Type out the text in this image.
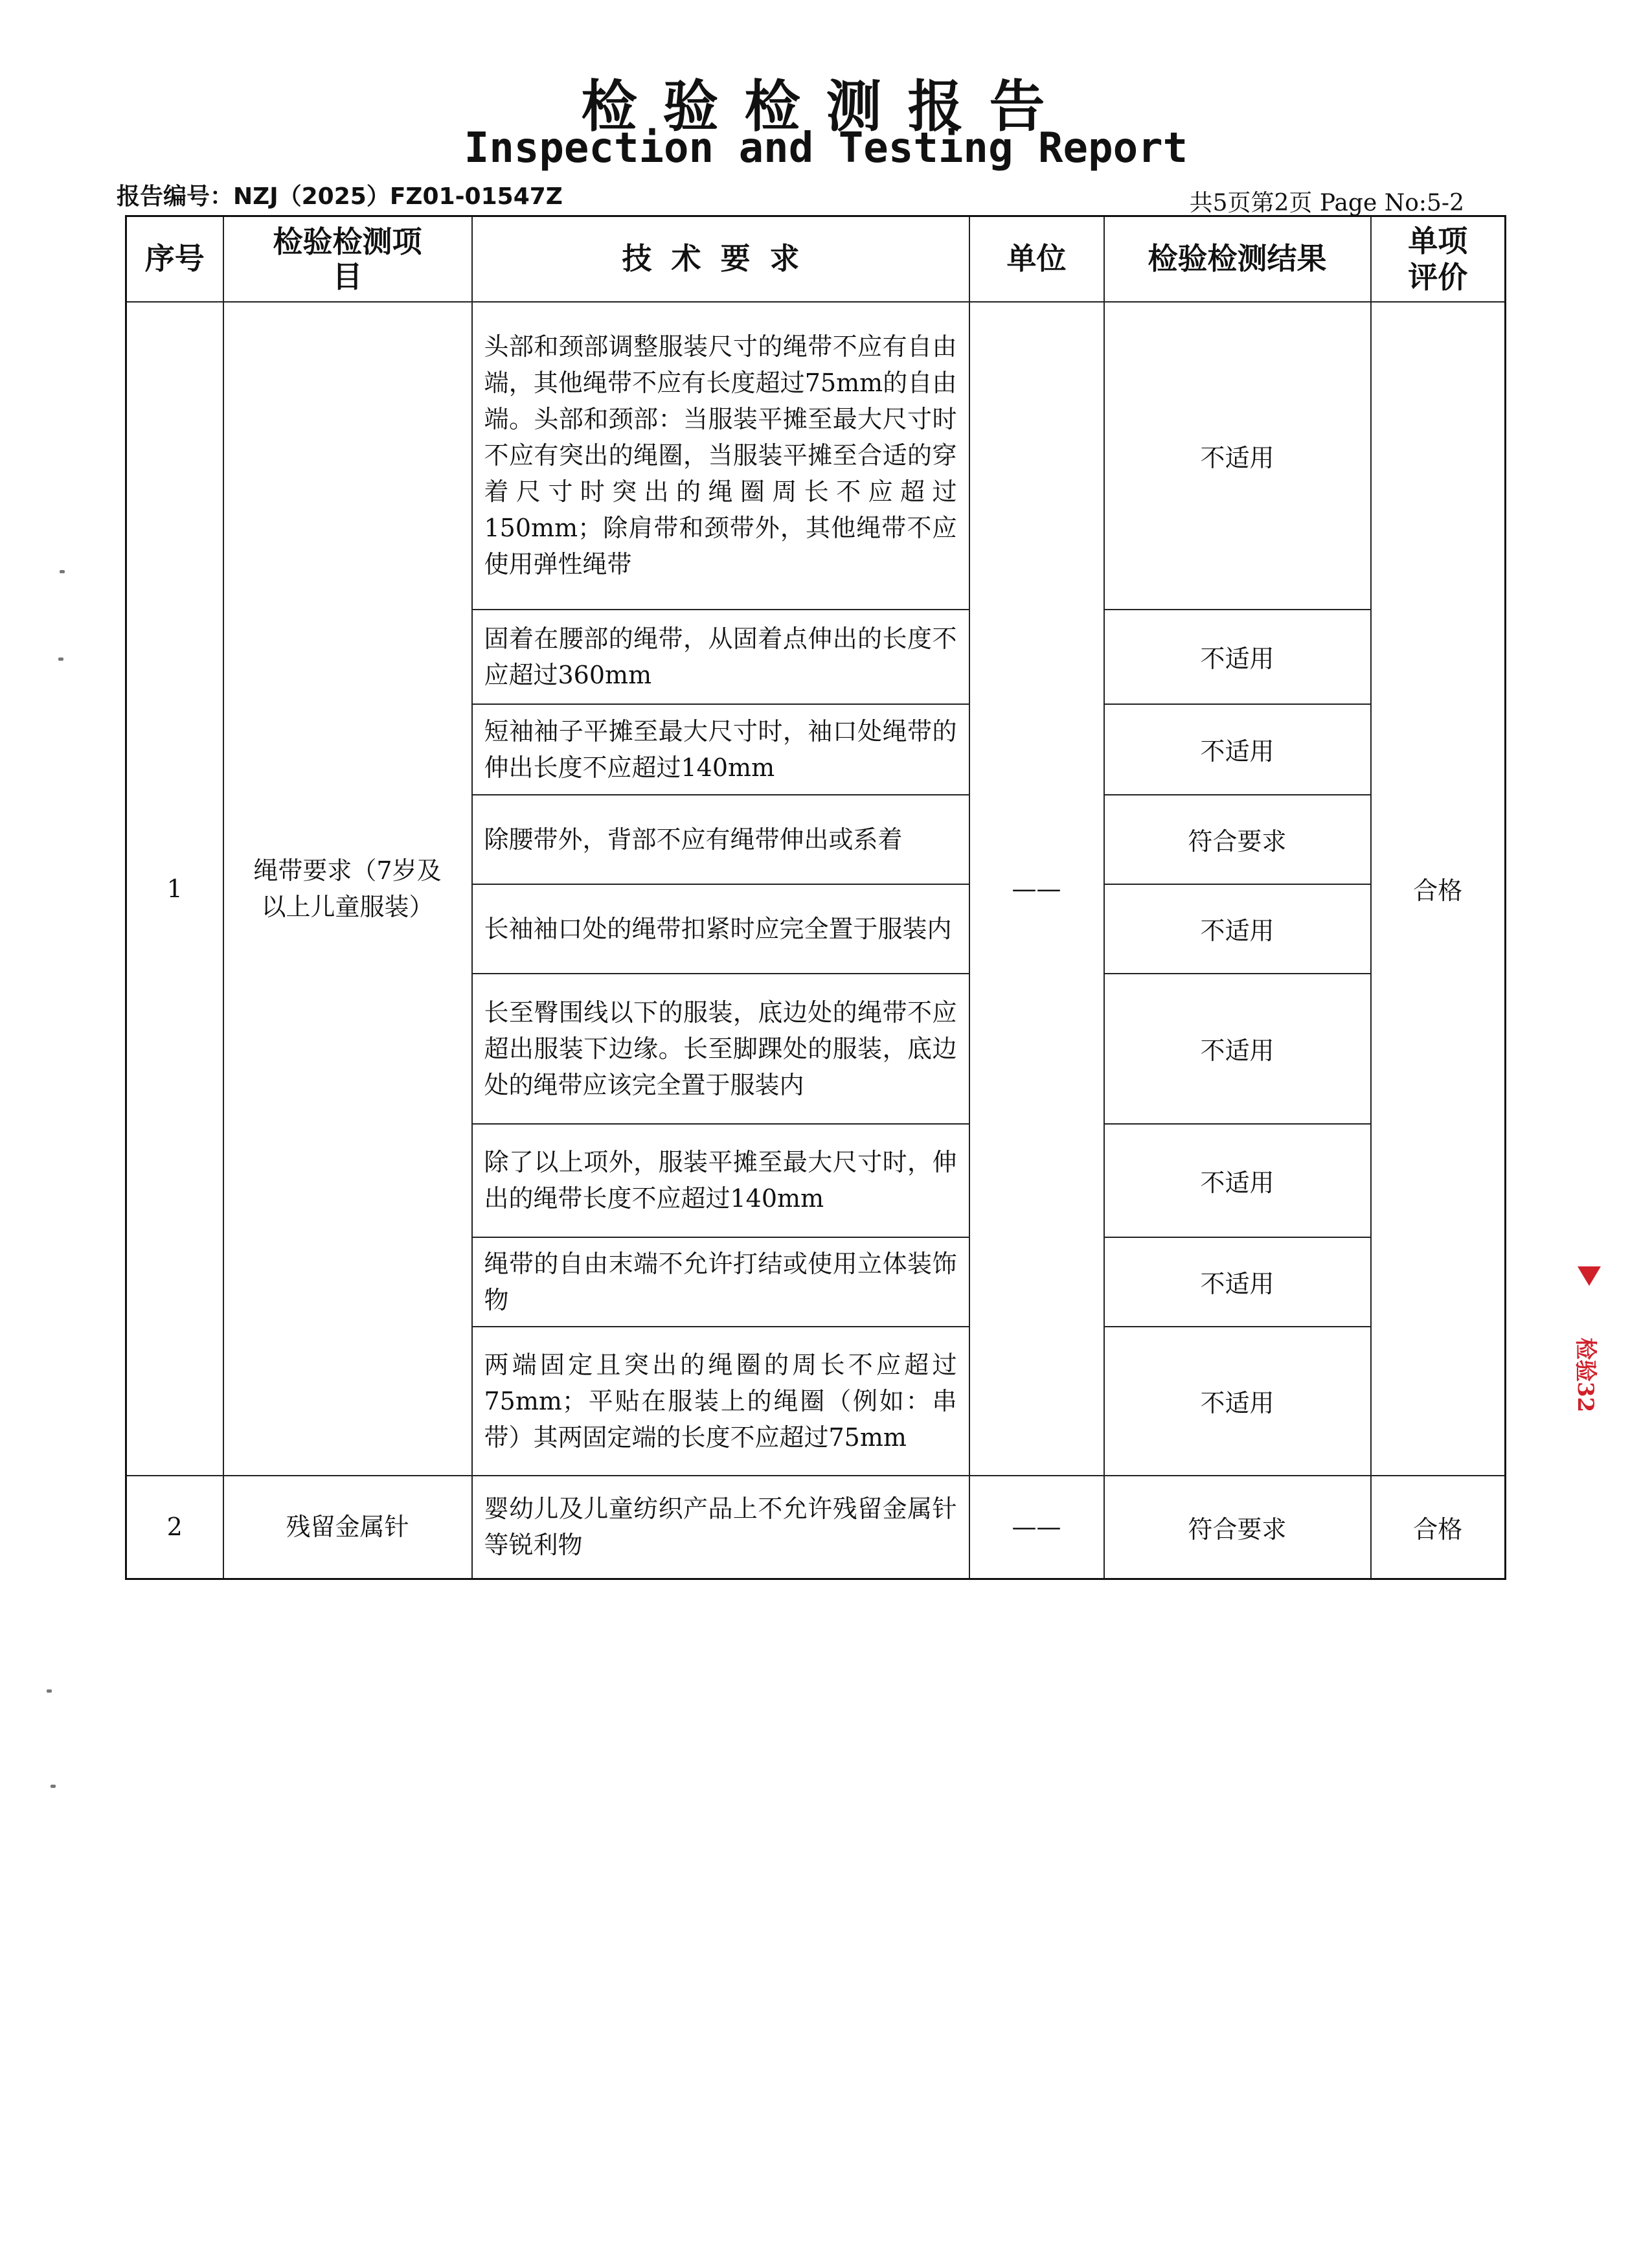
检验检测报告
Inspection and Testing Report
报告编号：NZJ（2025）FZ01-01547Z	共5页第2页 Page No:5-2
序号	检验检测项目	技术要求	单位	检验检测结果	单项评价
1	绳带要求（7岁及以上儿童服装）	头部和颈部调整服装尺寸的绳带不应有自由端，其他绳带不应有长度超过75mm的自由端。头部和颈部：当服装平摊至最大尺寸时不应有突出的绳圈，当服装平摊至合适的穿着尺寸时突出的绳圈周长不应超过150mm；除肩带和颈带外，其他绳带不应使用弹性绳带	——	不适用	合格
		固着在腰部的绳带，从固着点伸出的长度不应超过360mm		不适用	
		短袖袖子平摊至最大尺寸时，袖口处绳带的伸出长度不应超过140mm		不适用	
		除腰带外，背部不应有绳带伸出或系着		符合要求	
		长袖袖口处的绳带扣紧时应完全置于服装内		不适用	
		长至臀围线以下的服装，底边处的绳带不应超出服装下边缘。长至脚踝处的服装，底边处的绳带应该完全置于服装内		不适用	
		除了以上项外，服装平摊至最大尺寸时，伸出的绳带长度不应超过140mm		不适用	
		绳带的自由末端不允许打结或使用立体装饰物		不适用	
		两端固定且突出的绳圈的周长不应超过75mm；平贴在服装上的绳圈（例如：串带）其两固定端的长度不应超过75mm		不适用	
2	残留金属针	婴幼儿及儿童纺织产品上不允许残留金属针等锐利物	——	符合要求	合格
检验32
